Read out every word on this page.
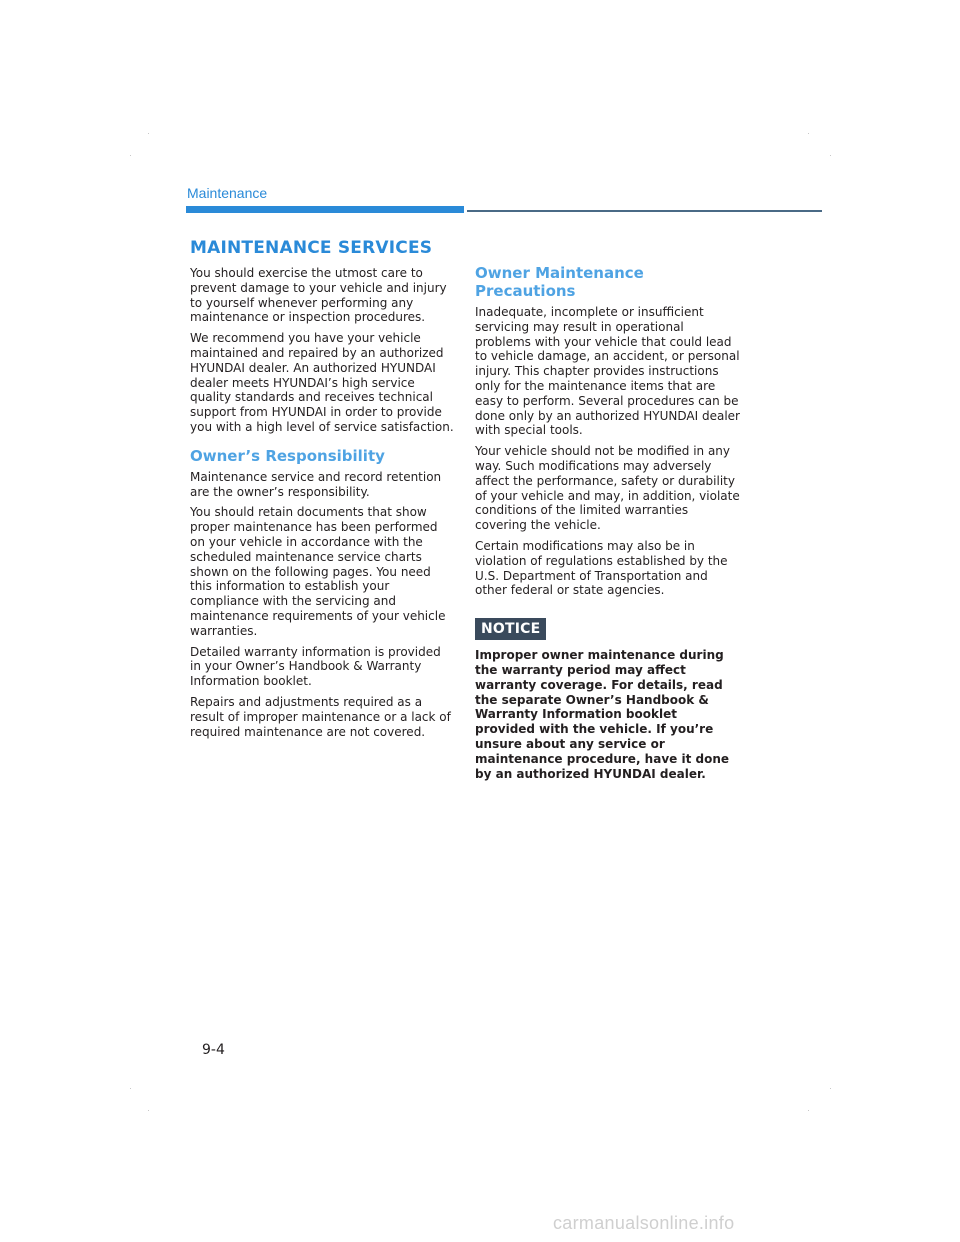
Maintenance
MAINTENANCE SERVICES

You should exercise the utmost care to prevent damage to your vehicle and injury to yourself whenever performing any maintenance or inspection procedures.

We recommend you have your vehicle maintained and repaired by an authorized HYUNDAI dealer. An authorized HYUNDAI dealer meets HYUNDAI’s high service quality standards and receives technical support from HYUNDAI in order to provide you with a high level of service satisfaction.

Owner’s Responsibility

Maintenance service and record retention are the owner’s responsibility.

You should retain documents that show proper maintenance has been performed on your vehicle in accordance with the scheduled maintenance service charts shown on the following pages. You need this information to establish your compliance with the servicing and maintenance requirements of your vehicle warranties.

Detailed warranty information is provided in your Owner’s Handbook & Warranty Information booklet.

Repairs and adjustments required as a result of improper maintenance or a lack of required maintenance are not covered.

Owner Maintenance Precautions

Inadequate, incomplete or insufficient servicing may result in operational problems with your vehicle that could lead to vehicle damage, an accident, or personal injury. This chapter provides instructions only for the maintenance items that are easy to perform. Several procedures can be done only by an authorized HYUNDAI dealer with special tools.

Your vehicle should not be modified in any way. Such modifications may adversely affect the performance, safety or durability of your vehicle and may, in addition, violate conditions of the limited warranties covering the vehicle.

Certain modifications may also be in violation of regulations established by the U.S. Department of Transportation and other federal or state agencies.

NOTICE

Improper owner maintenance during the warranty period may affect warranty coverage. For details, read the separate Owner’s Handbook & Warranty Information booklet provided with the vehicle. If you’re unsure about any service or maintenance procedure, have it done by an authorized HYUNDAI dealer.

9-4
carmanualsonline.info
